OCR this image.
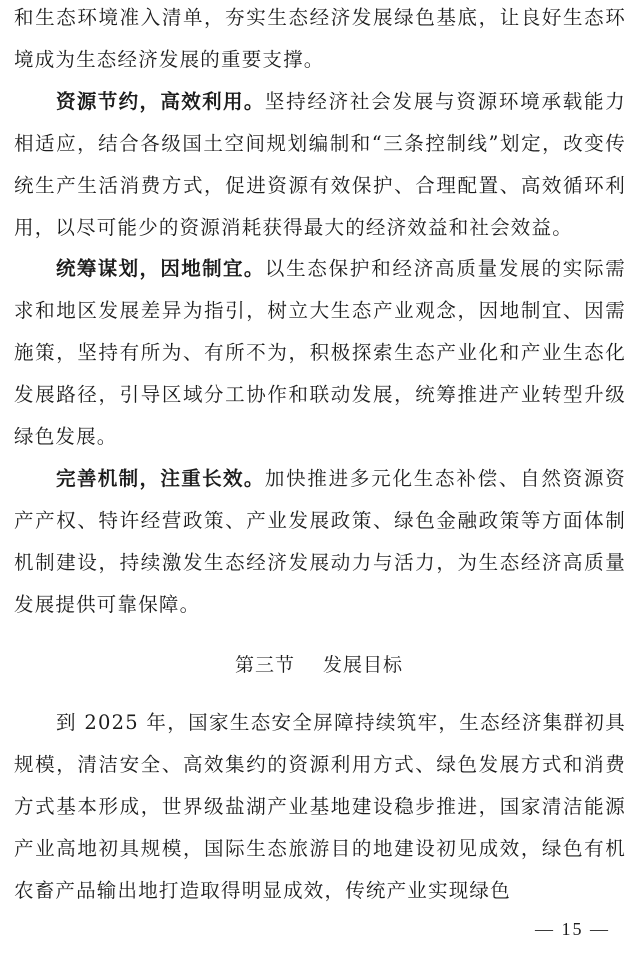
和生态环境准入清单，夯实生态经济发展绿色基底，让良好生态环境成为生态经济发展的重要支撑。

资源节约，高效利用。坚持经济社会发展与资源环境承载能力相适应，结合各级国土空间规划编制和“三条控制线”划定，改变传统生产生活消费方式，促进资源有效保护、合理配置、高效循环利用，以尽可能少的资源消耗获得最大的经济效益和社会效益。

统筹谋划，因地制宜。以生态保护和经济高质量发展的实际需求和地区发展差异为指引，树立大生态产业观念，因地制宜、因需施策，坚持有所为、有所不为，积极探索生态产业化和产业生态化发展路径，引导区域分工协作和联动发展，统筹推进产业转型升级绿色发展。

完善机制，注重长效。加快推进多元化生态补偿、自然资源资产产权、特许经营政策、产业发展政策、绿色金融政策等方面体制机制建设，持续激发生态经济发展动力与活力，为生态经济高质量发展提供可靠保障。

第三节 发展目标

到 2025 年，国家生态安全屏障持续筑牢，生态经济集群初具规模，清洁安全、高效集约的资源利用方式、绿色发展方式和消费方式基本形成，世界级盐湖产业基地建设稳步推进，国家清洁能源产业高地初具规模，国际生态旅游目的地建设初见成效，绿色有机农畜产品输出地打造取得明显成效，传统产业实现绿色

— 15 —
